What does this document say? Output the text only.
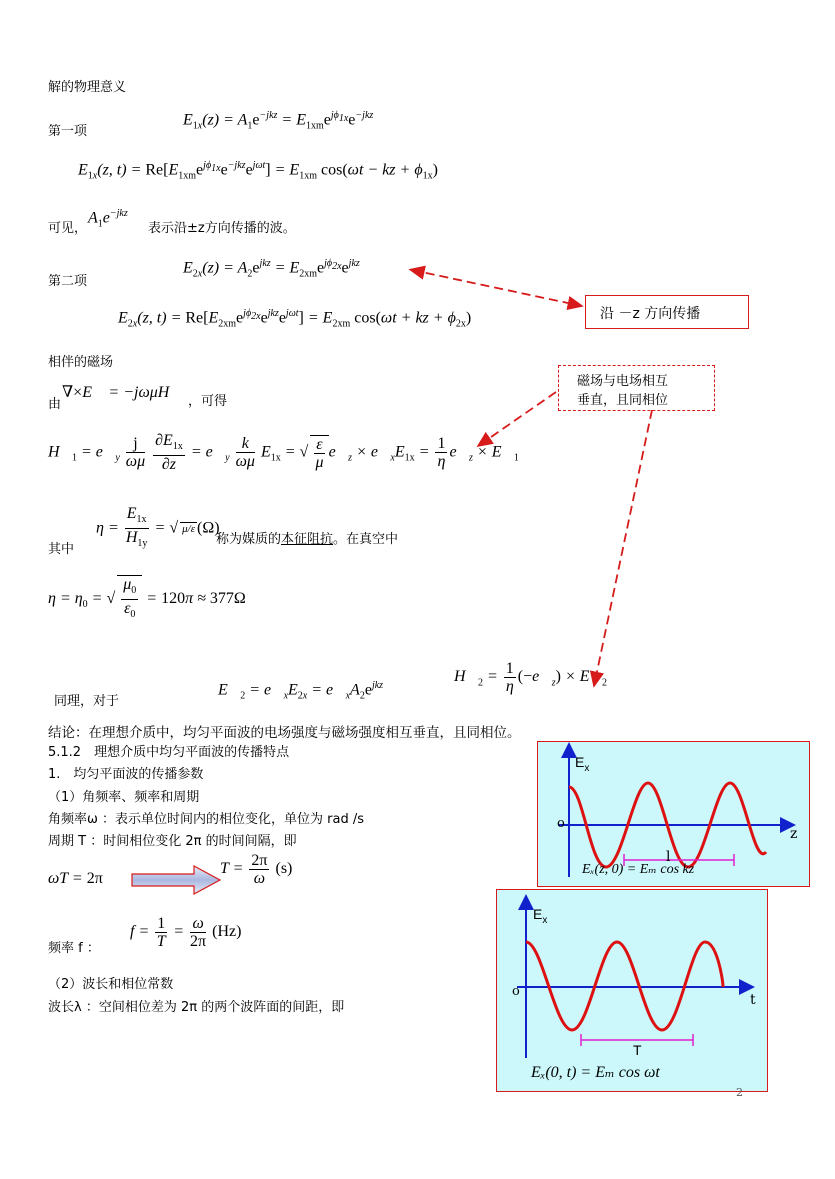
解的物理意义
第一项
$E_{1x}(z) = A_1e^{-jkz} = E_{1xm}e^{j\phi_{1x}}e^{-jkz}$
$E_{1x}(z$, $t) = Re[E_{1xm}e^{j\phi_{1x}}e^{-jkz}e^{j\omega t}] = E_{1xm}$ cos(ωt − kz + $\phi_{1x}$)
可见，
$A_1e^{-jkz}$
表示沿±z方向传播的波。
第二项
$E_{2x}(z) = A_2e^{jkz} = E_{2xm}e^{j\phi_{2x}}e^{jkz}$
$E_{2x}(z$, $t) = Re[E_{2xm}e^{j\phi_{2x}}e^{jkz}e^{j\omega t}] = E_{2xm}$ cos(ωt + kz + $\phi_{2x}$)	沿 －z 方向传播
相伴的磁场
由
∇×E⃗ = −jωμH⃗
，可得
磁场与电场相互
垂直，且同相位
$H⃗_1$ = $e⃗_y \frac{j}{\omega\mu}$
$\frac{\partial E_{1x}}{\partial z}$ = $e⃗_y \frac{k}{\omega\mu} E_{1x}$ = √ $\frac{\varepsilon}{\mu}$ $e⃗_z$ × $e⃗_xE_{1x} = \frac{1}{\eta}$ $e⃗_z$ × $E⃗_1$
$\eta = \frac{E_{1x}}{H_{1y}}$ = √ μ/ε (Ω)
其中
称为媒质的本征阻抗。在真空中
$\eta = \eta_0$ = √ $\frac{\mu_0}{\varepsilon_0} = 120\pi \approx 377\Omega$
同理，对于
$E⃗_2$ = $e⃗_xE_{2x}$ = $e⃗_xA_2e^{jkz}$
$H⃗_2 = \frac{1}{\eta}$ $(-e⃗_z)$ × $E⃗_2$
结论：在理想介质中，均匀平面波的电场强度与磁场强度相互垂直，且同相位。
5.1.2　理想介质中均匀平面波的传播特点
1.　均匀平面波的传播参数
（1）角频率、频率和周期
角频率ω ：表示单位时间内的相位变化，单位为 rad /s
周期 T ：时间相位变化 2π 的时间间隔，即
ωT = 2π
$T = \frac{2\pi}{\omega} (s)$
频率 f ：
$f = \frac{1}{T} = \frac{\omega}{2\pi} (Hz)$
（2）波长和相位常数
波长λ ：空间相位差为 2π 的两个波阵面的间距，即
$E_x$
o
z
l
Eₓ(z, 0) = Eₘ cos kz
$E_x$
o
t
T
Eₓ(0, t) = Eₘ cos ωt
2
